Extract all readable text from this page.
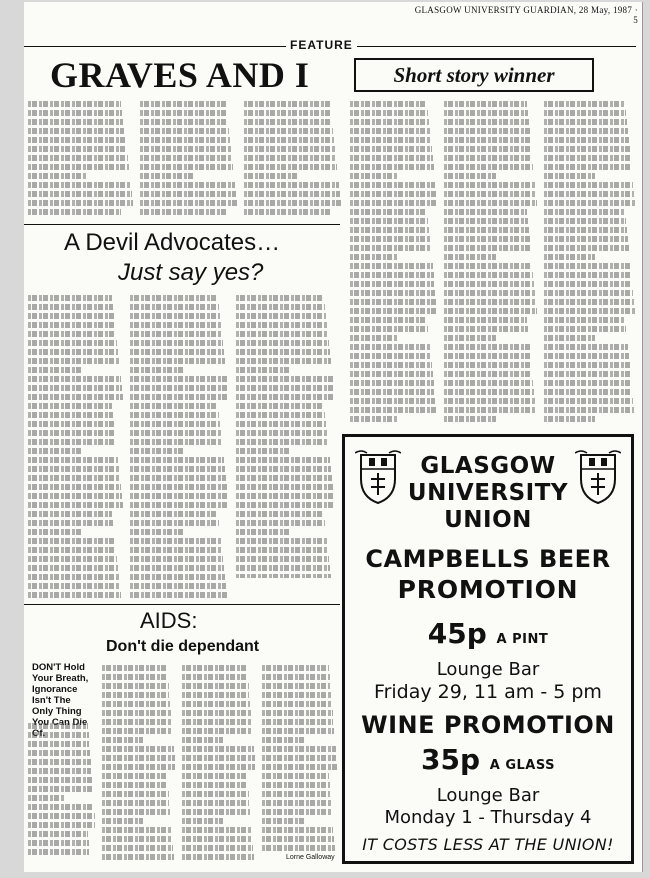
GLASGOW UNIVERSITY GUARDIAN, 28 May, 1987 · 5
FEATURE
GRAVES AND I	Short story winner
A Devil Advocates…
Just say yes?
AIDS:
Don't die dependant
DON'T Hold Your Breath, Ignorance Isn't The Only Thing You Can Die Of.
Lorne Galloway
GLASGOW
UNIVERSITY
UNION
CAMPBELLS BEER
PROMOTION
45p A PINT
Lounge Bar
Friday 29, 11 am - 5 pm
WINE PROMOTION
35p A GLASS
Lounge Bar
Monday 1 - Thursday 4
IT COSTS LESS AT THE UNION!
